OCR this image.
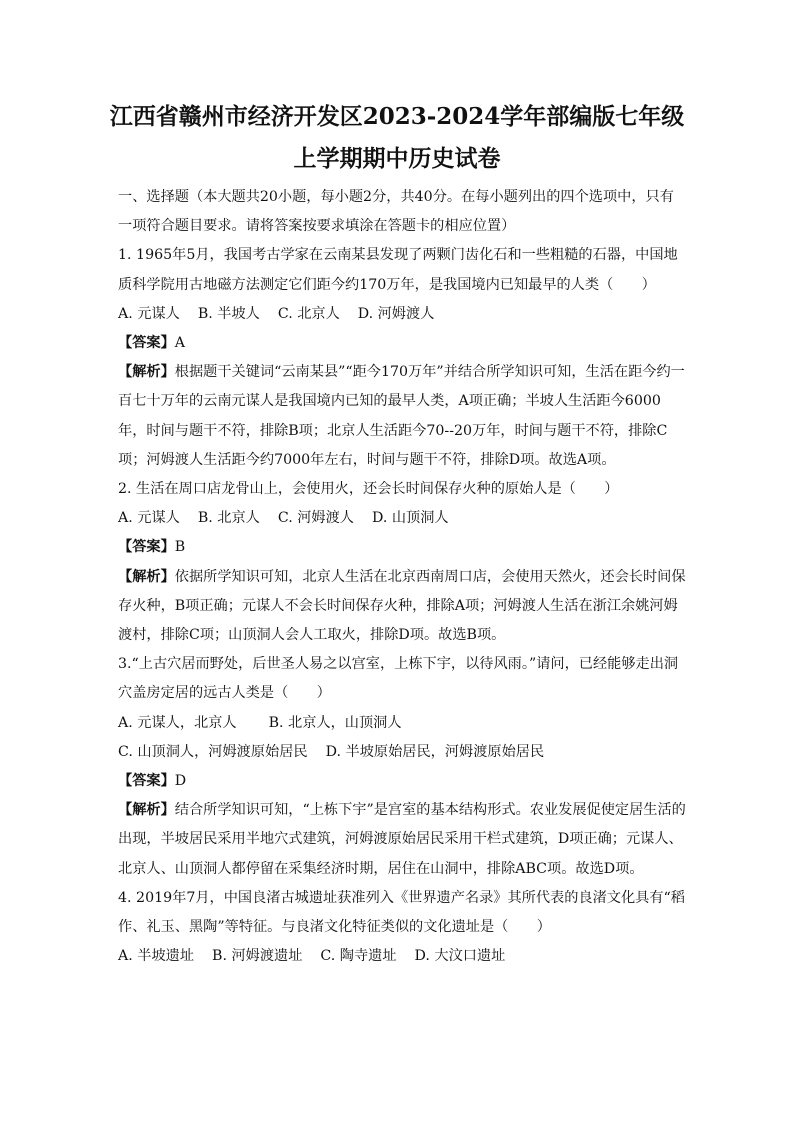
江西省赣州市经济开发区2023-2024学年部编版七年级
上学期期中历史试卷

一、选择题（本大题共20小题，每小题2分，共40分。在每小题列出的四个选项中，只有一项符合题目要求。请将答案按要求填涂在答题卡的相应位置）

1. 1965年5月，我国考古学家在云南某县发现了两颗门齿化石和一些粗糙的石器，中国地质科学院用古地磁方法测定它们距今约170万年，是我国境内已知最早的人类（　　）

A. 元谋人 B. 半坡人 C. 北京人 D. 河姆渡人

【答案】A

【解析】根据题干关键词“云南某县”“距今170万年”并结合所学知识可知，生活在距今约一百七十万年的云南元谋人是我国境内已知的最早人类，A项正确；半坡人生活距今6000年，时间与题干不符，排除B项；北京人生活距今70--20万年，时间与题干不符，排除C项；河姆渡人生活距今约7000年左右，时间与题干不符，排除D项。故选A项。

2. 生活在周口店龙骨山上，会使用火，还会长时间保存火种的原始人是（　　）

A. 元谋人 B. 北京人 C. 河姆渡人 D. 山顶洞人

【答案】B

【解析】依据所学知识可知，北京人生活在北京西南周口店，会使用天然火，还会长时间保存火种，B项正确；元谋人不会长时间保存火种，排除A项；河姆渡人生活在浙江余姚河姆渡村，排除C项；山顶洞人会人工取火，排除D项。故选B项。

3.“上古穴居而野处，后世圣人易之以宫室，上栋下宇，以待风雨。”请问，已经能够走出洞穴盖房定居的远古人类是（　　）

A. 元谋人，北京人 B. 北京人，山顶洞人

C. 山顶洞人，河姆渡原始居民 D. 半坡原始居民，河姆渡原始居民

【答案】D

【解析】结合所学知识可知，“上栋下宇”是宫室的基本结构形式。农业发展促使定居生活的出现，半坡居民采用半地穴式建筑，河姆渡原始居民采用干栏式建筑，D项正确；元谋人、北京人、山顶洞人都停留在采集经济时期，居住在山洞中，排除ABC项。故选D项。

4. 2019年7月，中国良渚古城遗址获准列入《世界遗产名录》其所代表的良渚文化具有“稻作、礼玉、黑陶”等特征。与良渚文化特征类似的文化遗址是（　　）

A. 半坡遗址 B. 河姆渡遗址 C. 陶寺遗址 D. 大汶口遗址
